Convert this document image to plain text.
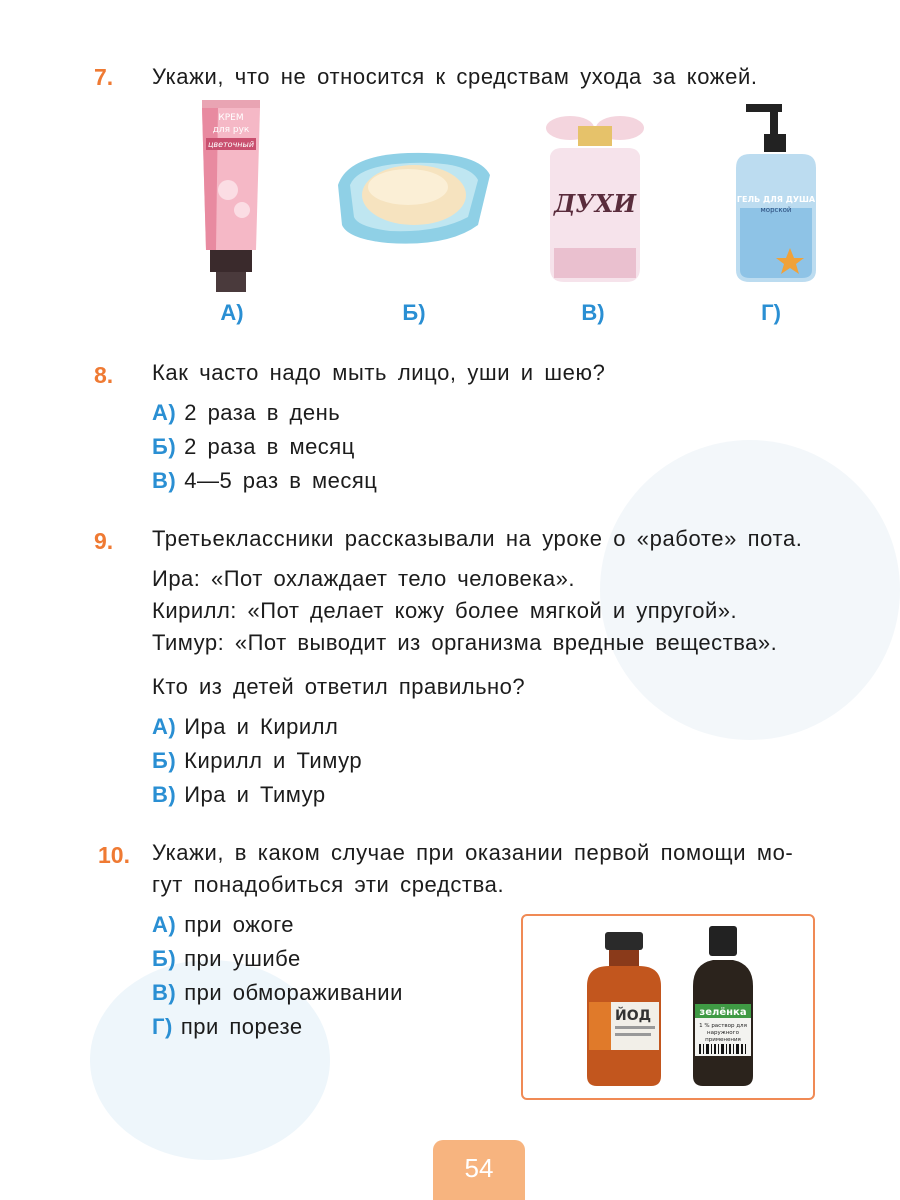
7. Укажи, что не относится к средствам ухода за кожей.
КРЕМ
для рук
цветочный
А)	Б)
ДУХИ
В)
ГЕЛЬ ДЛЯ ДУША
морской
Г)
8. Как часто надо мыть лицо, уши и шею?
А) 2 раза в день
Б) 2 раза в месяц
В) 4—5 раз в месяц
9. Третьеклассники рассказывали на уроке о «работе» пота.
Ира: «Пот охлаждает тело человека».
Кирилл: «Пот делает кожу более мягкой и упругой».
Тимур: «Пот выводит из организма вредные вещества».
Кто из детей ответил правильно?
А) Ира и Кирилл
Б) Кирилл и Тимур
В) Ира и Тимур
10. Укажи, в каком случае при оказании первой помощи мо-
гут понадобиться эти средства.
А) при ожоге
Б) при ушибе
В) при обмораживании
Г) при порезе	ЙОД	зелёнка
1 % раствор для
наружного
применения
54
